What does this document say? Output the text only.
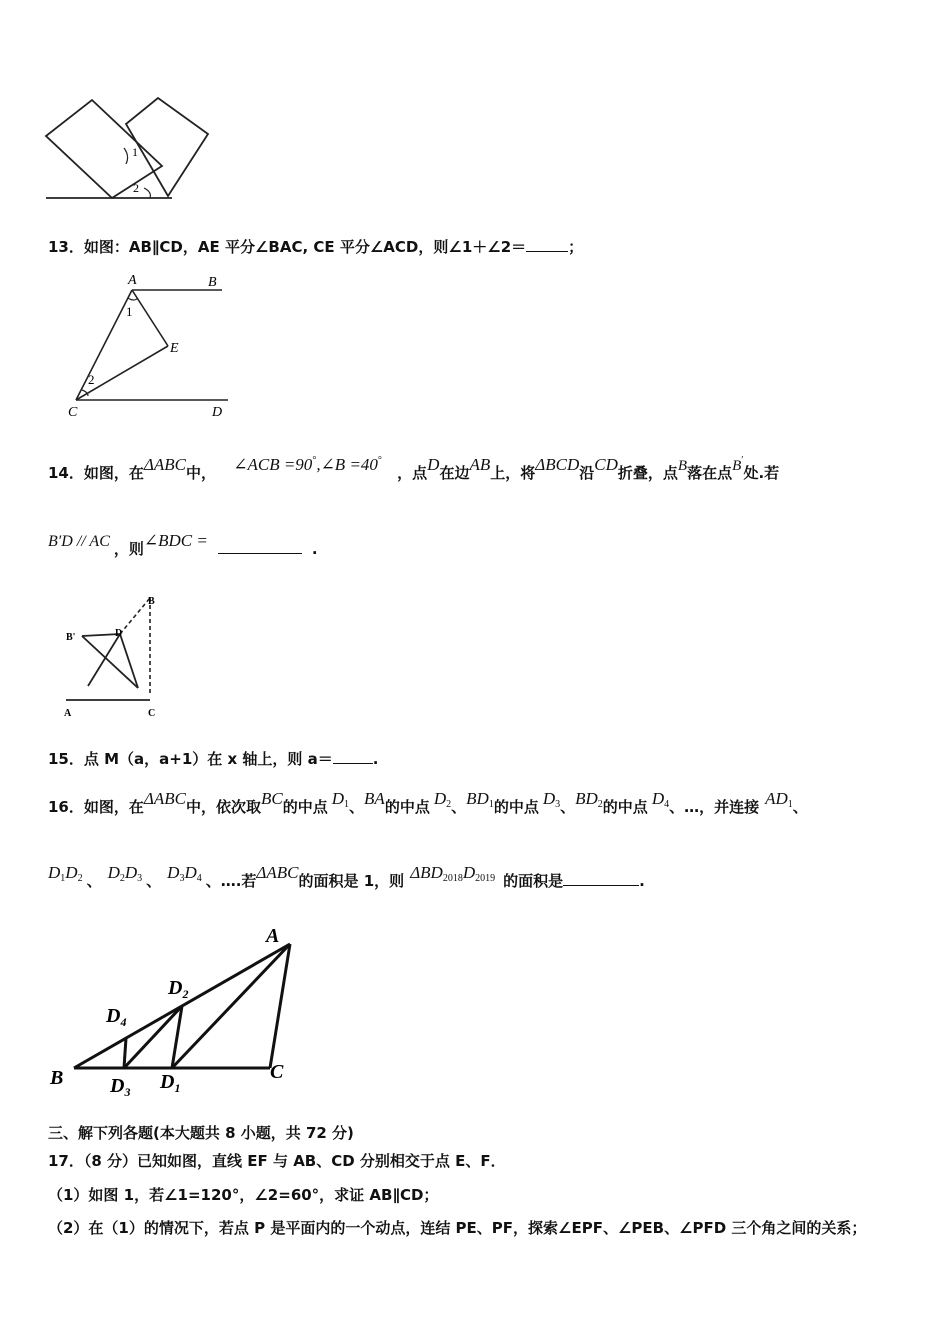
1
2
13．如图：AB∥CD，AE 平分∠BAC, CE 平分∠ACD，则∠1＋∠2＝	；
A	B
E
C	D
1
2
14．如图，在ΔABC中， ∠ACB =90°,∠B =40° ，点D在边AB上，将ΔBCD沿CD折叠，点B落在点B′处.若
B′D // AC ，则∠BDC =	.
B
B'	D
A	C
15．点 M（a，a+1）在 x 轴上，则 a＝	.
16．如图，在ΔABC中，依次取BC的中点 $D_1$、BA的中点 $D_2$、$BD_1$的中点 $D_3$、$BD_2$的中点 $D_4$、…，并连接 $AD_1$、
$D_1D_2$ 、 $D_2D_3$ 、 $D_3D_4$ 、….若ΔABC的面积是 1，则 $\Delta BD_{2018}D_{2019}$ 的面积是	.
A
B	C
$D_1$
$D_2$
$D_3$
$D_4$
三、解下列各题(本大题共 8 小题，共 72 分)
17．（8 分）已知如图，直线 EF 与 AB、CD 分别相交于点 E、F．
（1）如图 1，若∠1=120°，∠2=60°，求证 AB∥CD；
（2）在（1）的情况下，若点 P 是平面内的一个动点，连结 PE、PF，探索∠EPF、∠PEB、∠PFD 三个角之间的关系；
